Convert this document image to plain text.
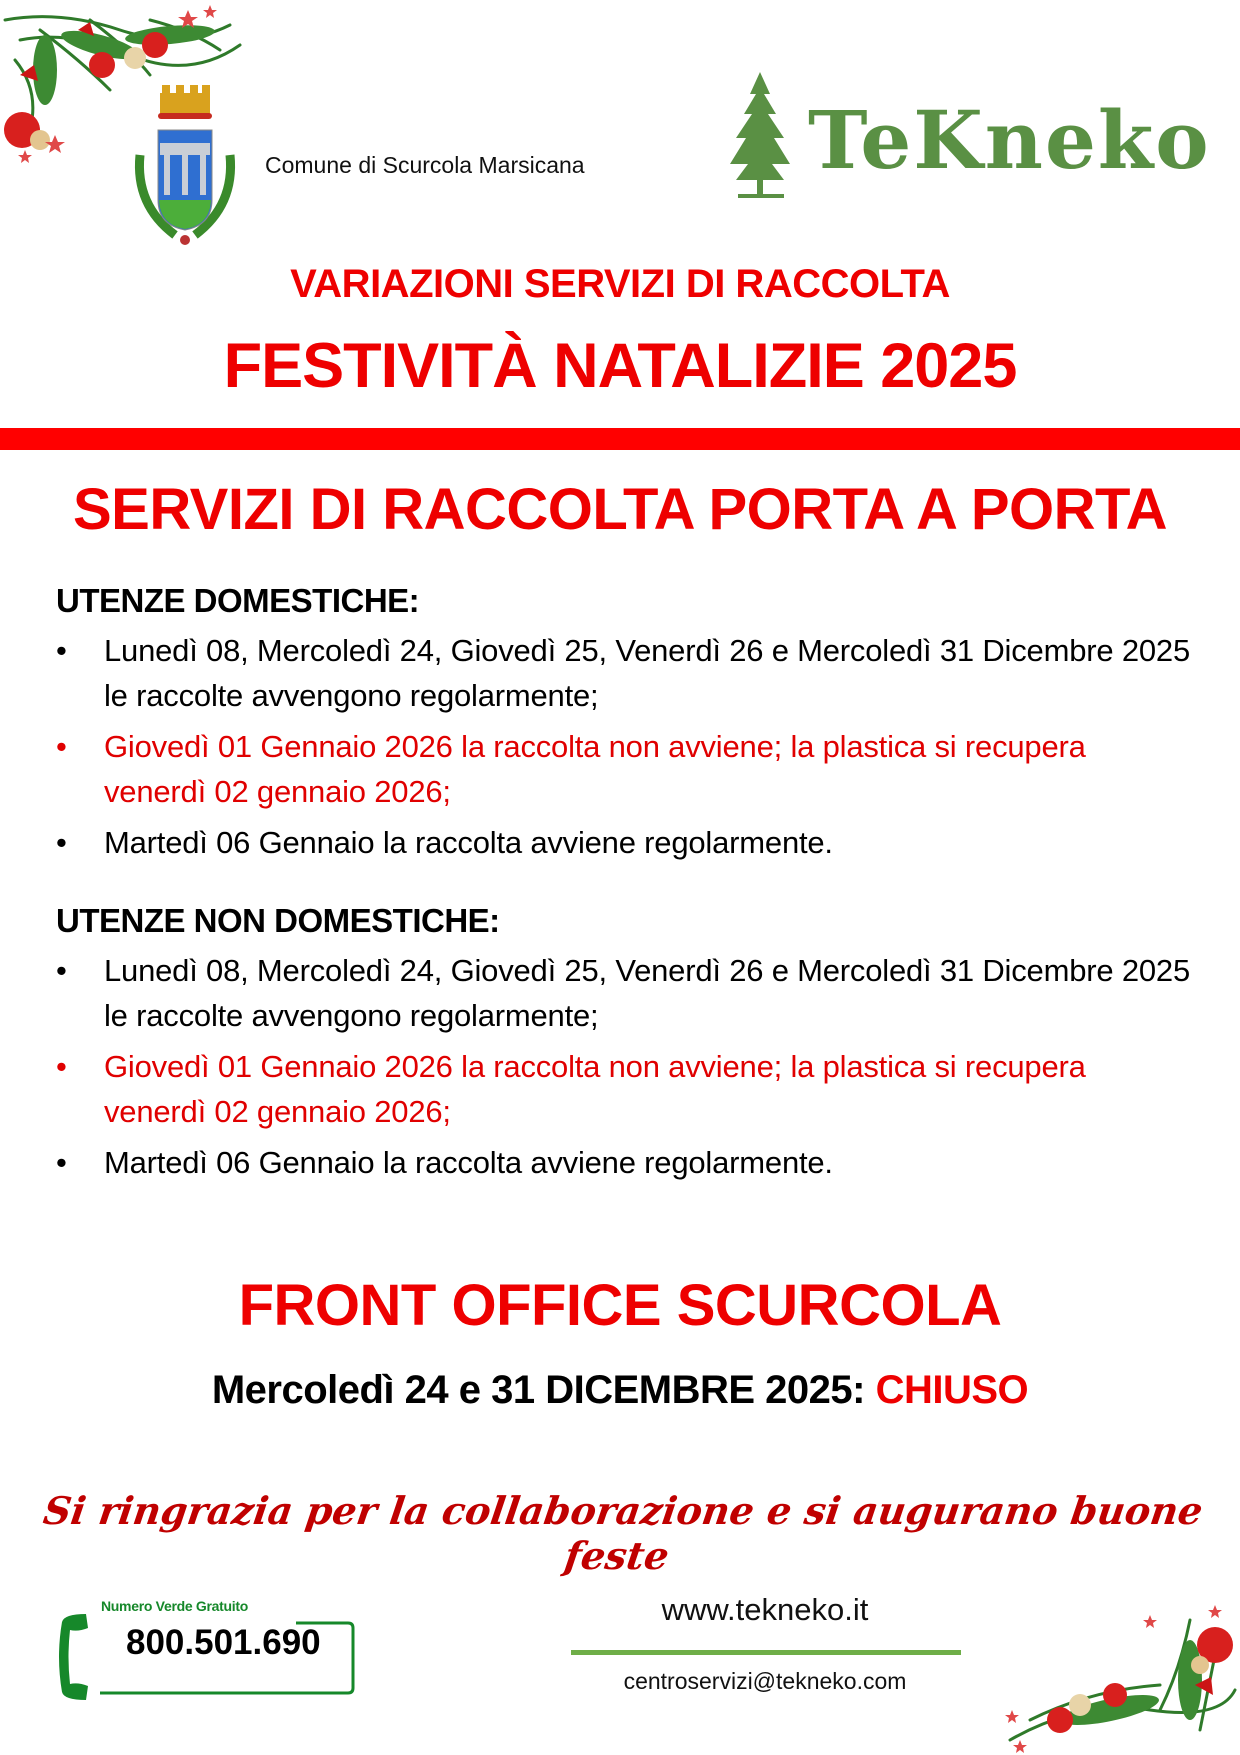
Comune di Scurcola Marsicana	TeKneko
VARIAZIONI SERVIZI DI RACCOLTA
FESTIVITÀ NATALIZIE 2025
SERVIZI DI RACCOLTA PORTA A PORTA
UTENZE DOMESTICHE:
•	Lunedì 08, Mercoledì 24, Giovedì 25, Venerdì 26 e Mercoledì 31 Dicembre 2025 le raccolte avvengono regolarmente;
•	Giovedì 01 Gennaio 2026 la raccolta non avviene; la plastica si recupera venerdì 02 gennaio 2026;
•	Martedì 06 Gennaio la raccolta avviene regolarmente.
UTENZE NON DOMESTICHE:
•	Lunedì 08, Mercoledì 24, Giovedì 25, Venerdì 26 e Mercoledì 31 Dicembre 2025 le raccolte avvengono regolarmente;
•	Giovedì 01 Gennaio 2026 la raccolta non avviene; la plastica si recupera venerdì 02 gennaio 2026;
•	Martedì 06 Gennaio la raccolta avviene regolarmente.
FRONT OFFICE SCURCOLA
Mercoledì 24 e 31 DICEMBRE 2025: CHIUSO
Si ringrazia per la collaborazione e si augurano buone feste
Numero Verde Gratuito
800.501.690
www.tekneko.it
centroservizi@tekneko.com
